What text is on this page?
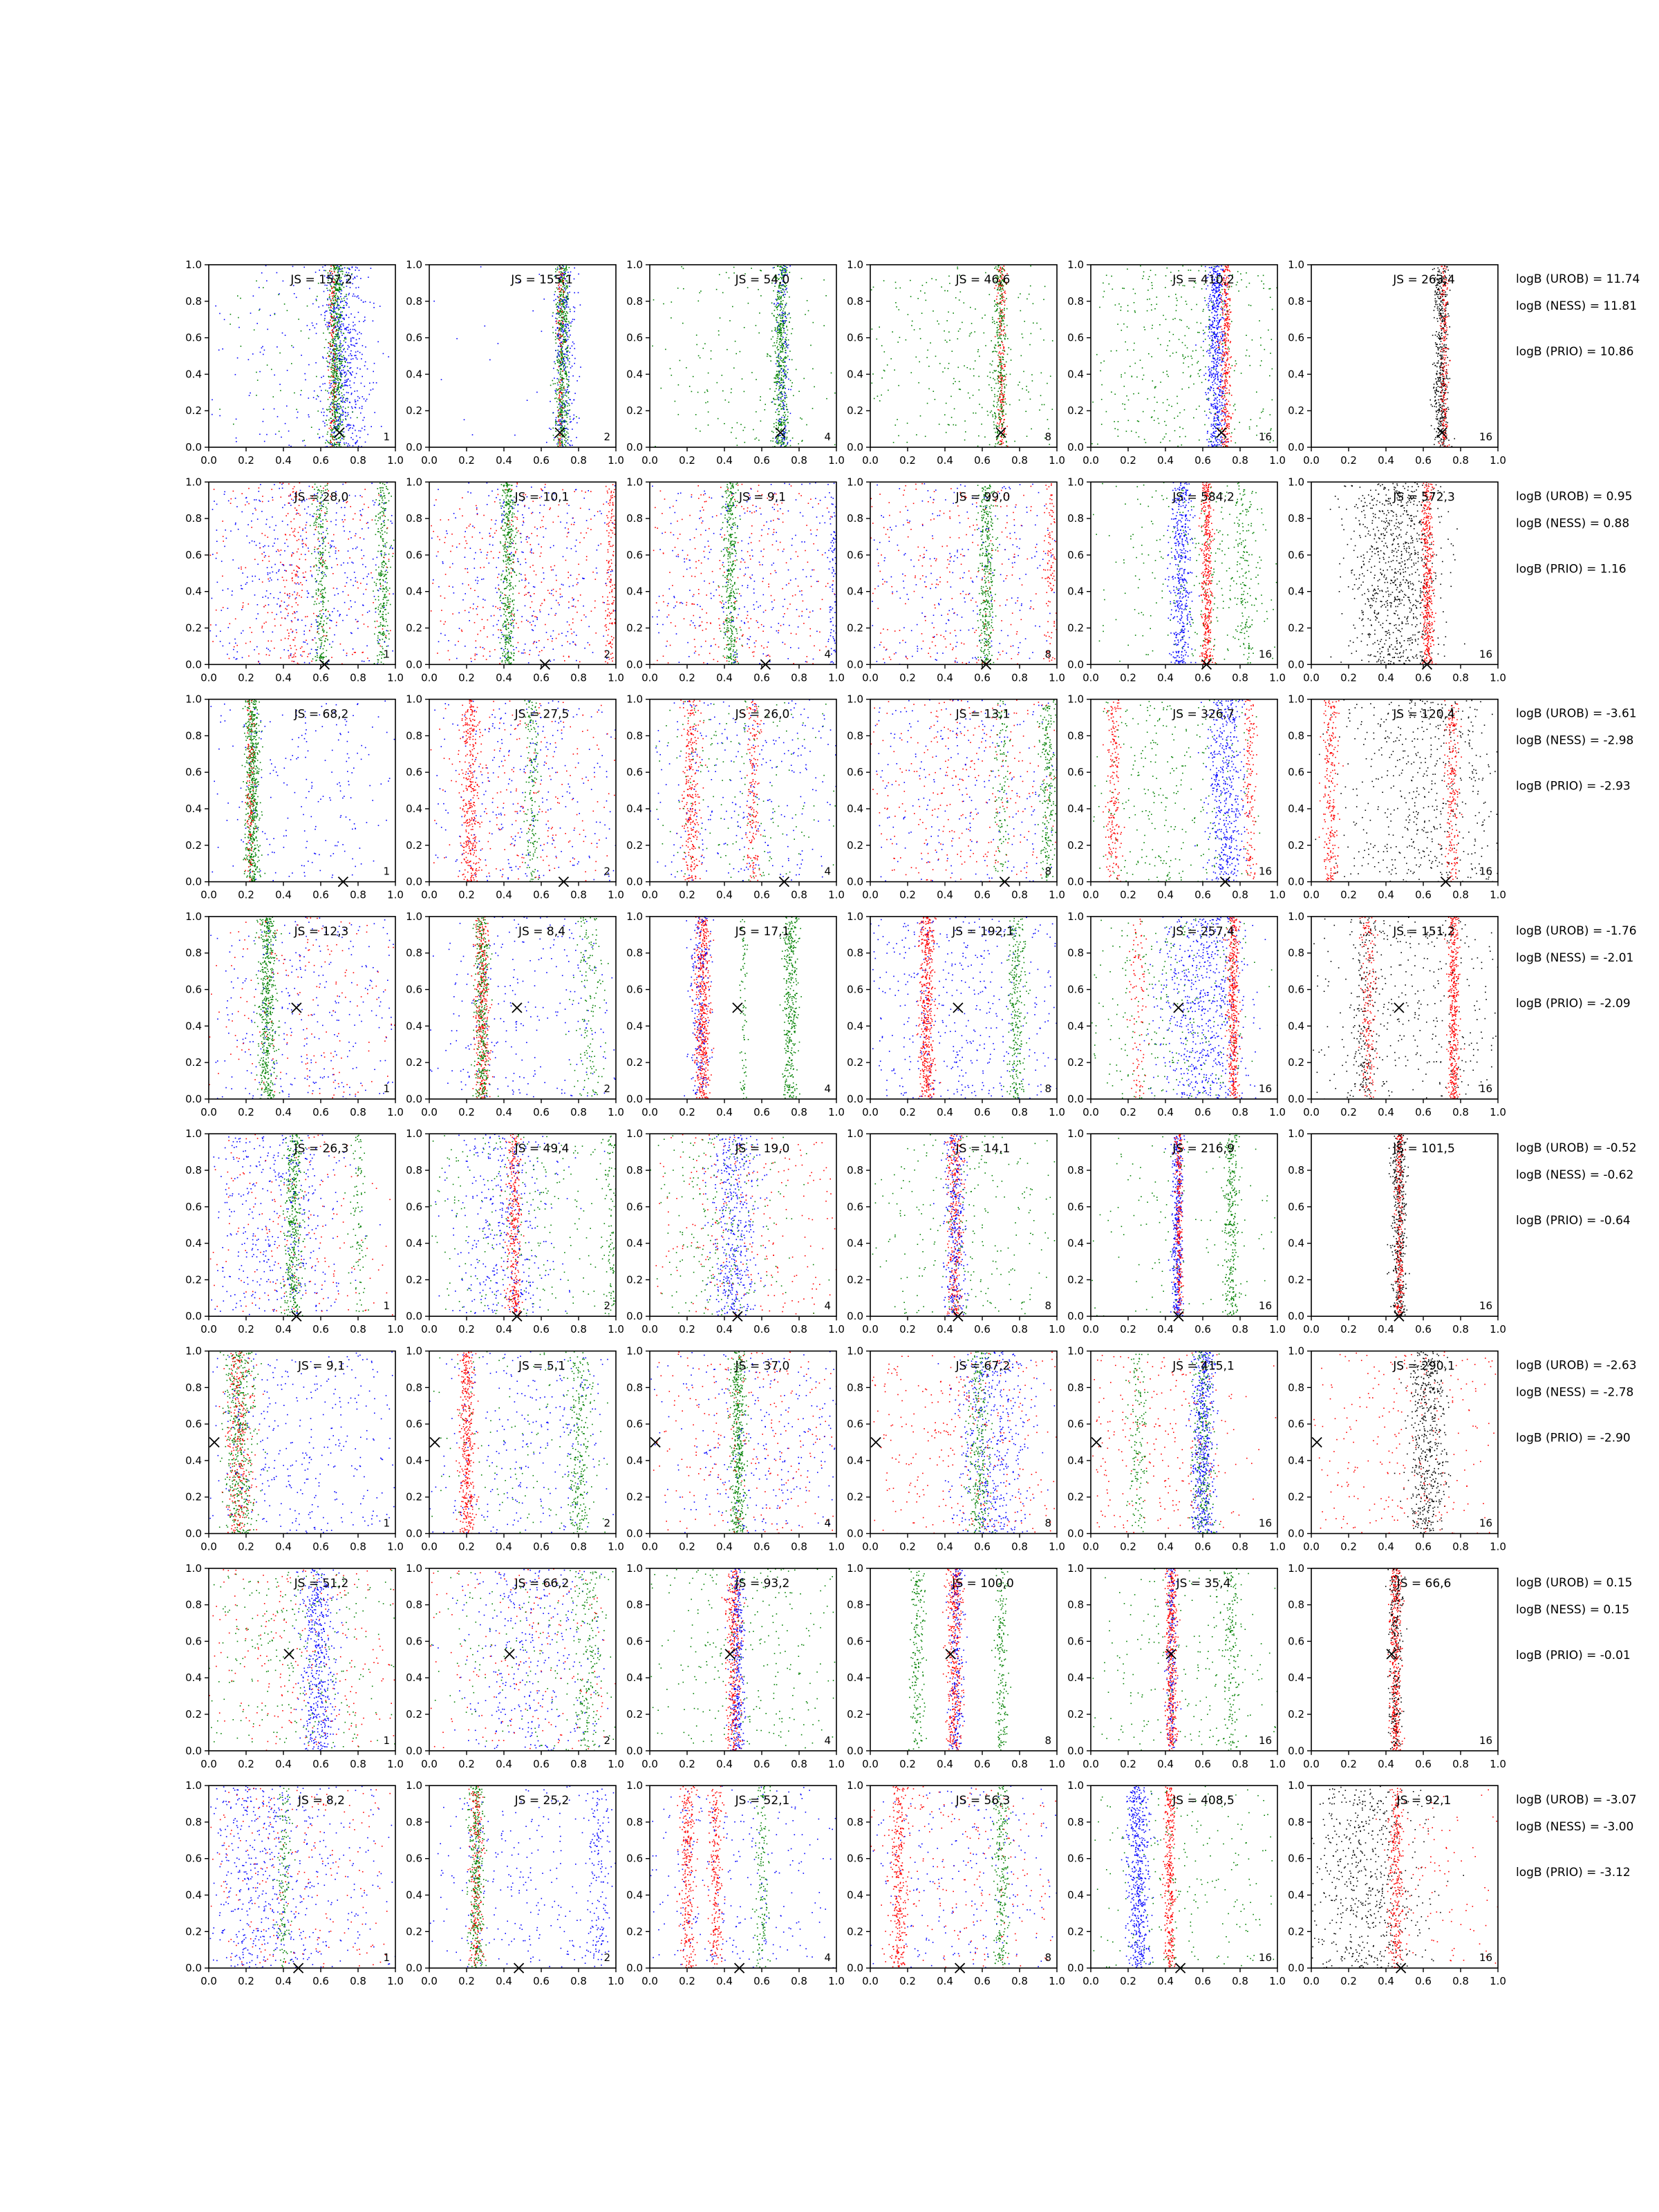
0.0 0.2 0.4 0.6 0.8 1.0
0.0
0.2
0.4
0.6
0.8
1.0
JS = 157,2
1
0.0 0.2 0.4 0.6 0.8 1.0
0.0
0.2
0.4
0.6
0.8
1.0
JS = 155,1
2
0.0 0.2 0.4 0.6 0.8 1.0
0.0
0.2
0.4
0.6
0.8
1.0
JS = 54,0
4
0.0 0.2 0.4 0.6 0.8 1.0
0.0
0.2
0.4
0.6
0.8
1.0
JS = 46,6
8
0.0 0.2 0.4 0.6 0.8 1.0
0.0
0.2
0.4
0.6
0.8
1.0
JS = 410,2
16
0.0 0.2 0.4 0.6 0.8 1.0
0.0
0.2
0.4
0.6
0.8
1.0
JS = 263,4
16
logB (UROB) = 11.74
logB (NESS) = 11.81
logB (PRIO) = 10.86
0.0 0.2 0.4 0.6 0.8 1.0
0.0
0.2
0.4
0.6
0.8
1.0
JS = 28,0
1
0.0 0.2 0.4 0.6 0.8 1.0
0.0
0.2
0.4
0.6
0.8
1.0
JS = 10,1
2
0.0 0.2 0.4 0.6 0.8 1.0
0.0
0.2
0.4
0.6
0.8
1.0
JS = 9,1
4
0.0 0.2 0.4 0.6 0.8 1.0
0.0
0.2
0.4
0.6
0.8
1.0
JS = 99,0
8
0.0 0.2 0.4 0.6 0.8 1.0
0.0
0.2
0.4
0.6
0.8
1.0
JS = 584,2
16
0.0 0.2 0.4 0.6 0.8 1.0
0.0
0.2
0.4
0.6
0.8
1.0
JS = 572,3
16
logB (UROB) = 0.95
logB (NESS) = 0.88
logB (PRIO) = 1.16
0.0 0.2 0.4 0.6 0.8 1.0
0.0
0.2
0.4
0.6
0.8
1.0
JS = 68,2
1
0.0 0.2 0.4 0.6 0.8 1.0
0.0
0.2
0.4
0.6
0.8
1.0
JS = 27,5
2
0.0 0.2 0.4 0.6 0.8 1.0
0.0
0.2
0.4
0.6
0.8
1.0
JS = 26,0
4
0.0 0.2 0.4 0.6 0.8 1.0
0.0
0.2
0.4
0.6
0.8
1.0
JS = 13,1
8
0.0 0.2 0.4 0.6 0.8 1.0
0.0
0.2
0.4
0.6
0.8
1.0
JS = 326,7
16
0.0 0.2 0.4 0.6 0.8 1.0
0.0
0.2
0.4
0.6
0.8
1.0
JS = 120,4
16
logB (UROB) = -3.61
logB (NESS) = -2.98
logB (PRIO) = -2.93
0.0 0.2 0.4 0.6 0.8 1.0
0.0
0.2
0.4
0.6
0.8
1.0
JS = 12,3
1
0.0 0.2 0.4 0.6 0.8 1.0
0.0
0.2
0.4
0.6
0.8
1.0
JS = 8,4
2
0.0 0.2 0.4 0.6 0.8 1.0
0.0
0.2
0.4
0.6
0.8
1.0
JS = 17,1
4
0.0 0.2 0.4 0.6 0.8 1.0
0.0
0.2
0.4
0.6
0.8
1.0
JS = 192,1
8
0.0 0.2 0.4 0.6 0.8 1.0
0.0
0.2
0.4
0.6
0.8
1.0
JS = 257,4
16
0.0 0.2 0.4 0.6 0.8 1.0
0.0
0.2
0.4
0.6
0.8
1.0
JS = 151,2
16
logB (UROB) = -1.76
logB (NESS) = -2.01
logB (PRIO) = -2.09
0.0 0.2 0.4 0.6 0.8 1.0
0.0
0.2
0.4
0.6
0.8
1.0
JS = 26,3
1
0.0 0.2 0.4 0.6 0.8 1.0
0.0
0.2
0.4
0.6
0.8
1.0
JS = 49,4
2
0.0 0.2 0.4 0.6 0.8 1.0
0.0
0.2
0.4
0.6
0.8
1.0
JS = 19,0
4
0.0 0.2 0.4 0.6 0.8 1.0
0.0
0.2
0.4
0.6
0.8
1.0
JS = 14,1
8
0.0 0.2 0.4 0.6 0.8 1.0
0.0
0.2
0.4
0.6
0.8
1.0
JS = 216,9
16
0.0 0.2 0.4 0.6 0.8 1.0
0.0
0.2
0.4
0.6
0.8
1.0
JS = 101,5
16
logB (UROB) = -0.52
logB (NESS) = -0.62
logB (PRIO) = -0.64
0.0 0.2 0.4 0.6 0.8 1.0
0.0
0.2
0.4
0.6
0.8
1.0
JS = 9,1
1
0.0 0.2 0.4 0.6 0.8 1.0
0.0
0.2
0.4
0.6
0.8
1.0
JS = 5,1
2
0.0 0.2 0.4 0.6 0.8 1.0
0.0
0.2
0.4
0.6
0.8
1.0
JS = 37,0
4
0.0 0.2 0.4 0.6 0.8 1.0
0.0
0.2
0.4
0.6
0.8
1.0
JS = 67,2
8
0.0 0.2 0.4 0.6 0.8 1.0
0.0
0.2
0.4
0.6
0.8
1.0
JS = 415,1
16
0.0 0.2 0.4 0.6 0.8 1.0
0.0
0.2
0.4
0.6
0.8
1.0
JS = 290,1
16
logB (UROB) = -2.63
logB (NESS) = -2.78
logB (PRIO) = -2.90
0.0 0.2 0.4 0.6 0.8 1.0
0.0
0.2
0.4
0.6
0.8
1.0
JS = 51,2
1
0.0 0.2 0.4 0.6 0.8 1.0
0.0
0.2
0.4
0.6
0.8
1.0
JS = 66,2
2
0.0 0.2 0.4 0.6 0.8 1.0
0.0
0.2
0.4
0.6
0.8
1.0
JS = 93,2
4
0.0 0.2 0.4 0.6 0.8 1.0
0.0
0.2
0.4
0.6
0.8
1.0
JS = 100,0
8
0.0 0.2 0.4 0.6 0.8 1.0
0.0
0.2
0.4
0.6
0.8
1.0
JS = 35,4
16
0.0 0.2 0.4 0.6 0.8 1.0
0.0
0.2
0.4
0.6
0.8
1.0
JS = 66,6
16
logB (UROB) = 0.15
logB (NESS) = 0.15
logB (PRIO) = -0.01
0.0 0.2 0.4 0.6 0.8 1.0
0.0
0.2
0.4
0.6
0.8
1.0
JS = 8,2
1
0.0 0.2 0.4 0.6 0.8 1.0
0.0
0.2
0.4
0.6
0.8
1.0
JS = 25,2
2
0.0 0.2 0.4 0.6 0.8 1.0
0.0
0.2
0.4
0.6
0.8
1.0
JS = 52,1
4
0.0 0.2 0.4 0.6 0.8 1.0
0.0
0.2
0.4
0.6
0.8
1.0
JS = 56,3
8
0.0 0.2 0.4 0.6 0.8 1.0
0.0
0.2
0.4
0.6
0.8
1.0
JS = 408,5
16
0.0 0.2 0.4 0.6 0.8 1.0
0.0
0.2
0.4
0.6
0.8
1.0
JS = 92,1
16
logB (UROB) = -3.07
logB (NESS) = -3.00
logB (PRIO) = -3.12
